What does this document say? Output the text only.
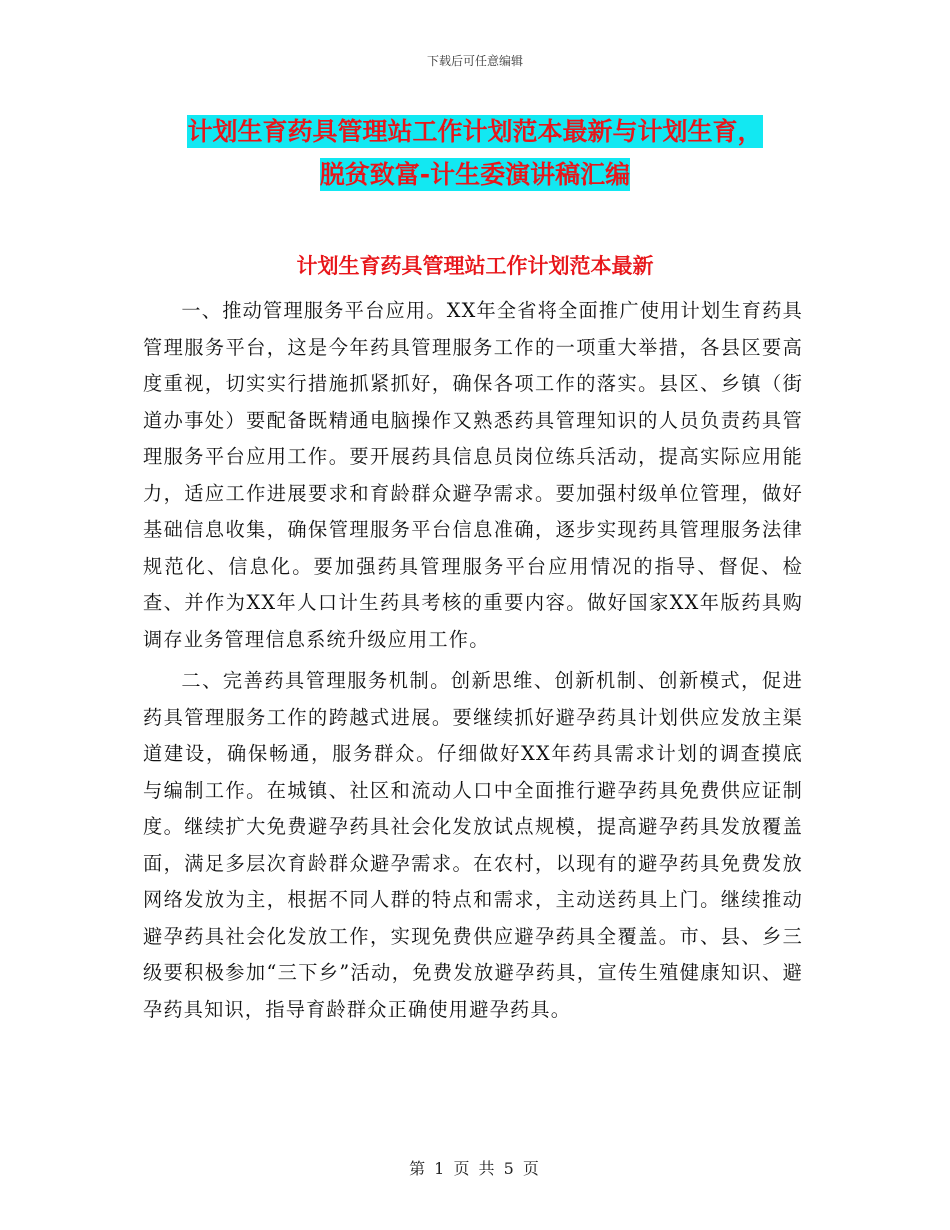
下载后可任意编辑
计划生育药具管理站工作计划范本最新与计划生育，
脱贫致富-计生委演讲稿汇编
计划生育药具管理站工作计划范本最新

一、推动管理服务平台应用。XX年全省将全面推广使用计划生育药具管理服务平台，这是今年药具管理服务工作的一项重大举措，各县区要高度重视，切实实行措施抓紧抓好，确保各项工作的落实。县区、乡镇（街道办事处）要配备既精通电脑操作又熟悉药具管理知识的人员负责药具管理服务平台应用工作。要开展药具信息员岗位练兵活动，提高实际应用能力，适应工作进展要求和育龄群众避孕需求。要加强村级单位管理，做好基础信息收集，确保管理服务平台信息准确，逐步实现药具管理服务法律规范化、信息化。要加强药具管理服务平台应用情况的指导、督促、检查、并作为XX年人口计生药具考核的重要内容。做好国家XX年版药具购调存业务管理信息系统升级应用工作。

二、完善药具管理服务机制。创新思维、创新机制、创新模式，促进药具管理服务工作的跨越式进展。要继续抓好避孕药具计划供应发放主渠道建设，确保畅通，服务群众。仔细做好XX年药具需求计划的调查摸底与编制工作。在城镇、社区和流动人口中全面推行避孕药具免费供应证制度。继续扩大免费避孕药具社会化发放试点规模，提高避孕药具发放覆盖面，满足多层次育龄群众避孕需求。在农村，以现有的避孕药具免费发放网络发放为主，根据不同人群的特点和需求，主动送药具上门。继续推动避孕药具社会化发放工作，实现免费供应避孕药具全覆盖。市、县、乡三级要积极参加“三下乡”活动，免费发放避孕药具，宣传生殖健康知识、避孕药具知识，指导育龄群众正确使用避孕药具。

第 1 页 共 5 页
